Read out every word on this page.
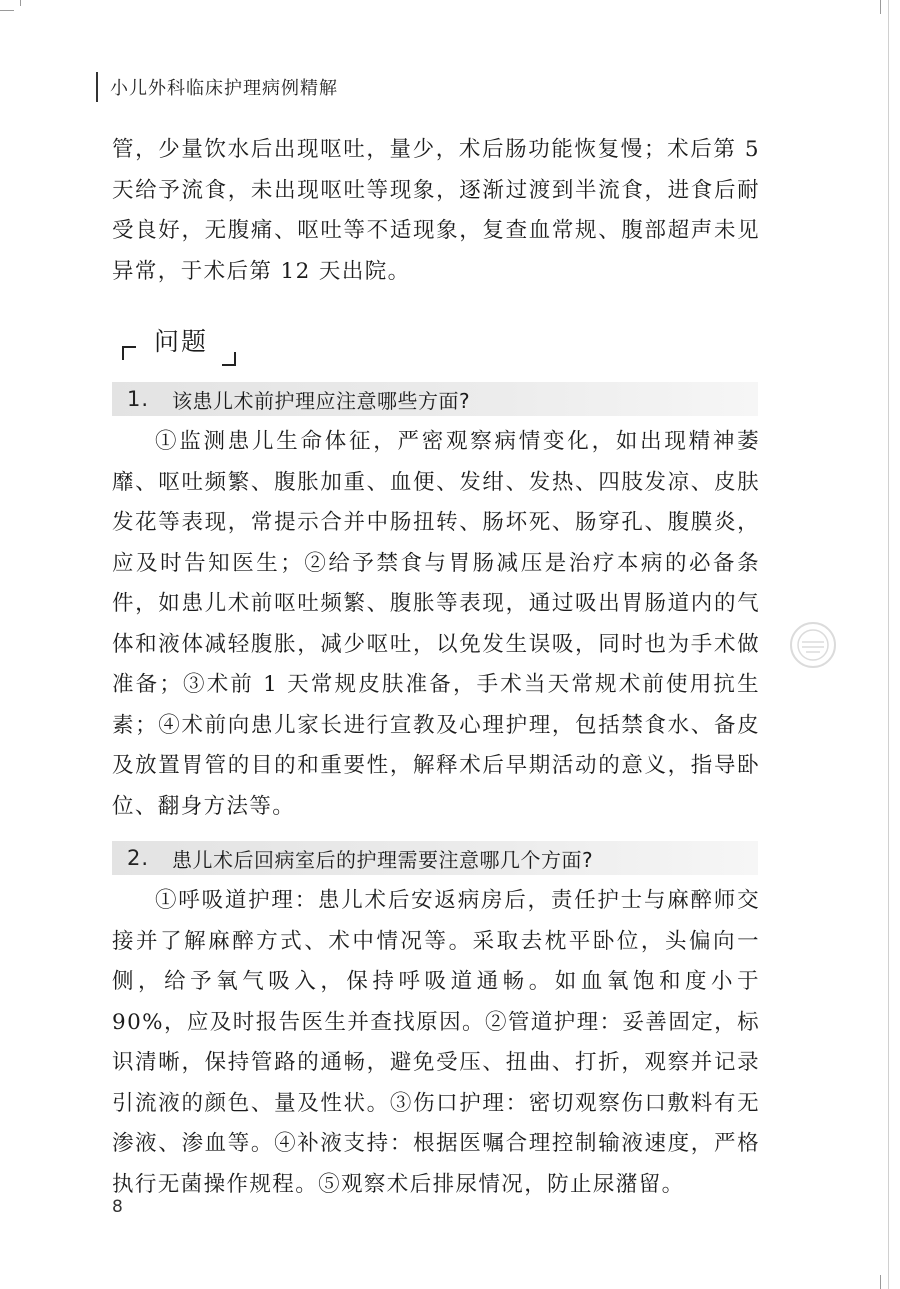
小儿外科临床护理病例精解

管，少量饮水后出现呕吐，量少，术后肠功能恢复慢；术后第 5 天给予流食，未出现呕吐等现象，逐渐过渡到半流食，进食后耐受良好，无腹痛、呕吐等不适现象，复查血常规、腹部超声未见异常，于术后第 12 天出院。

问题
1.	该患儿术前护理应注意哪些方面?

①监测患儿生命体征，严密观察病情变化，如出现精神萎靡、呕吐频繁、腹胀加重、血便、发绀、发热、四肢发凉、皮肤发花等表现，常提示合并中肠扭转、肠坏死、肠穿孔、腹膜炎，应及时告知医生；②给予禁食与胃肠减压是治疗本病的必备条件，如患儿术前呕吐频繁、腹胀等表现，通过吸出胃肠道内的气体和液体减轻腹胀，减少呕吐，以免发生误吸，同时也为手术做准备；③术前 1 天常规皮肤准备，手术当天常规术前使用抗生素；④术前向患儿家长进行宣教及心理护理，包括禁食水、备皮及放置胃管的目的和重要性，解释术后早期活动的意义，指导卧位、翻身方法等。

2.	患儿术后回病室后的护理需要注意哪几个方面?

①呼吸道护理：患儿术后安返病房后，责任护士与麻醉师交接并了解麻醉方式、术中情况等。采取去枕平卧位，头偏向一侧，给予氧气吸入，保持呼吸道通畅。如血氧饱和度小于 90%，应及时报告医生并查找原因。②管道护理：妥善固定，标识清晰，保持管路的通畅，避免受压、扭曲、打折，观察并记录引流液的颜色、量及性状。③伤口护理：密切观察伤口敷料有无渗液、渗血等。④补液支持：根据医嘱合理控制输液速度，严格执行无菌操作规程。⑤观察术后排尿情况，防止尿潴留。

8
